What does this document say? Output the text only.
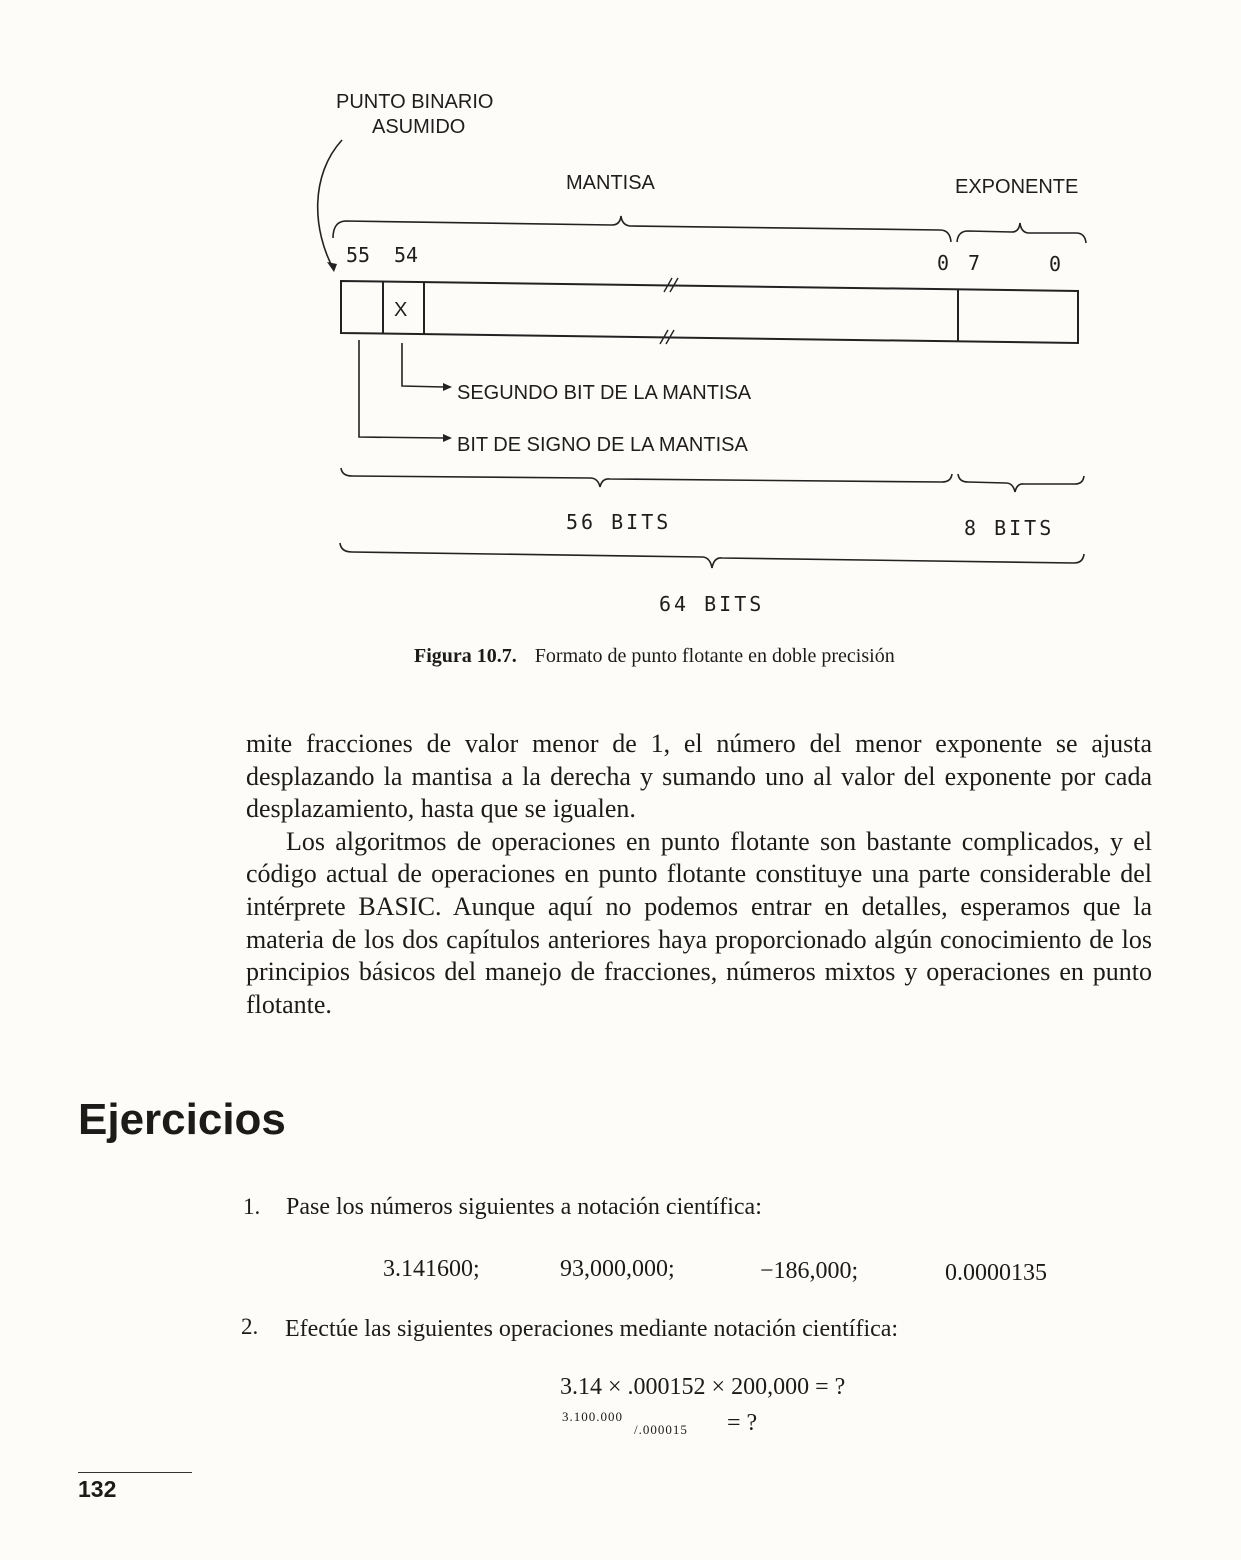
PUNTO BINARIO
ASUMIDO
MANTISA	EXPONENTE
55 54	0 7	0
X
SEGUNDO BIT DE LA MANTISA
BIT DE SIGNO DE LA MANTISA
56 BITS	8 BITS
64 BITS
Figura 10.7. Formato de punto flotante en doble precisión

mite fracciones de valor menor de 1, el número del menor exponente se ajusta desplazando la mantisa a la derecha y sumando uno al valor del exponente por cada desplazamiento, hasta que se igualen.

Los algoritmos de operaciones en punto flotante son bastante complicados, y el código actual de operaciones en punto flotante constituye una parte considerable del intérprete BASIC. Aunque aquí no podemos entrar en detalles, esperamos que la materia de los dos capítulos anteriores haya proporcionado algún conocimiento de los principios básicos del manejo de fracciones, números mixtos y operaciones en punto flotante.

Ejercicios
1. Pase los números siguientes a notación científica:
3.141600;	93,000,000;	−186,000;	0.0000135
2. Efectúe las siguientes operaciones mediante notación científica:
3.14 × .000152 × 200,000 = ?
3.100.000
/.000015 = ?
132
